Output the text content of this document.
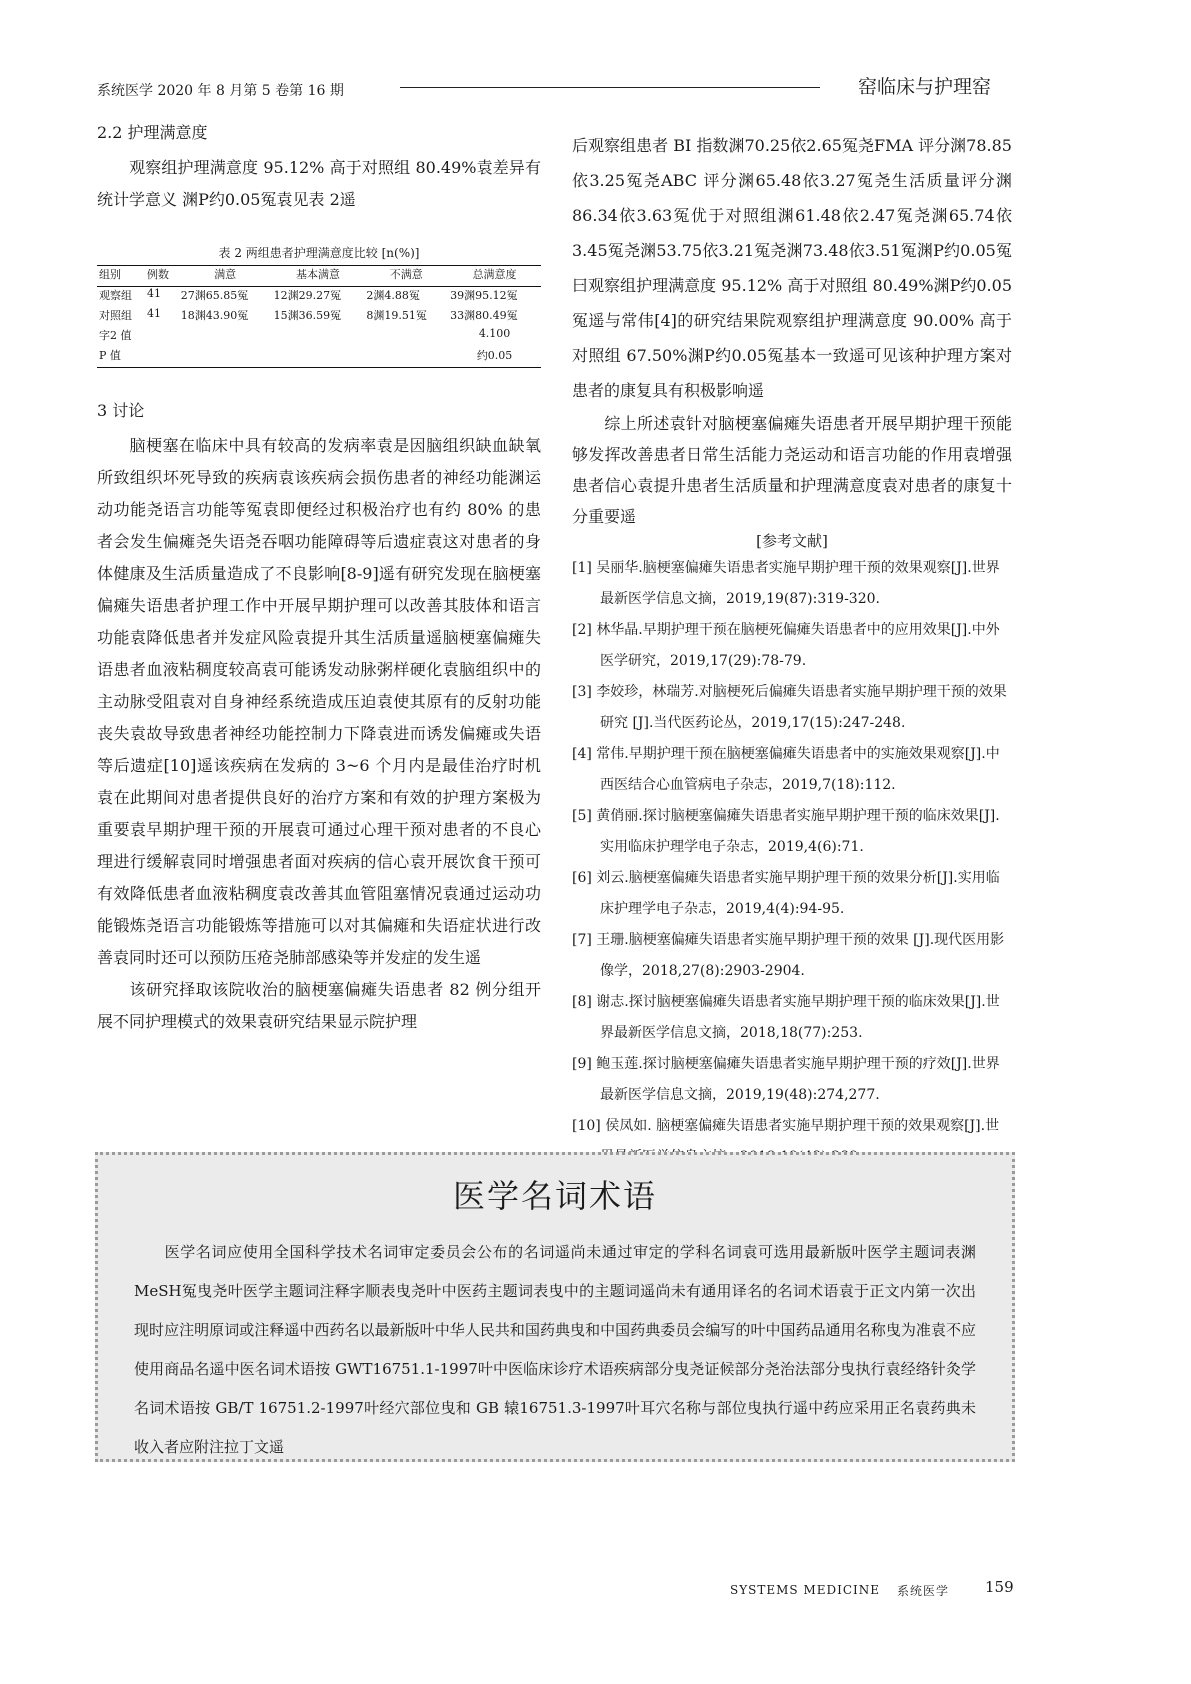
系统医学 2020 年 8 月第 5 卷第 16 期	窑临床与护理窑
2.2 护理满意度
观察组护理满意度 95.12% 高于对照组 80.49%袁差异有统计学意义 渊P约0.05冤袁见表 2遥
表 2 两组患者护理满意度比较 [n(%)]
组别	例数	满意	基本满意	不满意	总满意度
观察组	41	27渊65.85冤	12渊29.27冤	2渊4.88冤	39渊95.12冤
对照组	41	18渊43.90冤	15渊36.59冤	8渊19.51冤	33渊80.49冤
字2 值					4.100
P 值					约0.05
3 讨论
脑梗塞在临床中具有较高的发病率袁是因脑组织缺血缺氧所致组织坏死导致的疾病袁该疾病会损伤患者的神经功能渊运动功能尧语言功能等冤袁即便经过积极治疗也有约 80% 的患者会发生偏瘫尧失语尧吞咽功能障碍等后遗症袁这对患者的身体健康及生活质量造成了不良影响[8-9]遥有研究发现在脑梗塞偏瘫失语患者护理工作中开展早期护理可以改善其肢体和语言功能袁降低患者并发症风险袁提升其生活质量遥脑梗塞偏瘫失语患者血液粘稠度较高袁可能诱发动脉粥样硬化袁脑组织中的主动脉受阻袁对自身神经系统造成压迫袁使其原有的反射功能丧失袁故导致患者神经功能控制力下降袁进而诱发偏瘫或失语等后遗症[10]遥该疾病在发病的 3~6 个月内是最佳治疗时机袁在此期间对患者提供良好的治疗方案和有效的护理方案极为重要袁早期护理干预的开展袁可通过心理干预对患者的不良心理进行缓解袁同时增强患者面对疾病的信心袁开展饮食干预可有效降低患者血液粘稠度袁改善其血管阻塞情况袁通过运动功能锻炼尧语言功能锻炼等措施可以对其偏瘫和失语症状进行改善袁同时还可以预防压疮尧肺部感染等并发症的发生遥
该研究择取该院收治的脑梗塞偏瘫失语患者 82 例分组开展不同护理模式的效果袁研究结果显示院护理
后观察组患者 BI 指数渊70.25依2.65冤尧FMA 评分渊78.85依3.25冤尧ABC 评分渊65.48依3.27冤尧生活质量评分渊86.34依3.63冤优于对照组渊61.48依2.47冤尧渊65.74依3.45冤尧渊53.75依3.21冤尧渊73.48依3.51冤渊P约0.05冤曰观察组护理满意度 95.12% 高于对照组 80.49%渊P约0.05冤遥与常伟[4]的研究结果院观察组护理满意度 90.00% 高于对照组 67.50%渊P约0.05冤基本一致遥可见该种护理方案对患者的康复具有积极影响遥
综上所述袁针对脑梗塞偏瘫失语患者开展早期护理干预能够发挥改善患者日常生活能力尧运动和语言功能的作用袁增强患者信心袁提升患者生活质量和护理满意度袁对患者的康复十分重要遥
[参考文献]
[1] 吴丽华.脑梗塞偏瘫失语患者实施早期护理干预的效果观察[J].世界最新医学信息文摘，2019,19(87):319-320.
[2] 林华晶.早期护理干预在脑梗死偏瘫失语患者中的应用效果[J].中外医学研究，2019,17(29):78-79.
[3] 李姣珍，林瑞芳.对脑梗死后偏瘫失语患者实施早期护理干预的效果研究 [J].当代医药论丛，2019,17(15):247-248.
[4] 常伟.早期护理干预在脑梗塞偏瘫失语患者中的实施效果观察[J].中西医结合心血管病电子杂志，2019,7(18):112.
[5] 黄俏丽.探讨脑梗塞偏瘫失语患者实施早期护理干预的临床效果[J].实用临床护理学电子杂志，2019,4(6):71.
[6] 刘云.脑梗塞偏瘫失语患者实施早期护理干预的效果分析[J].实用临床护理学电子杂志，2019,4(4):94-95.
[7] 王珊.脑梗塞偏瘫失语患者实施早期护理干预的效果 [J].现代医用影像学，2018,27(8):2903-2904.
[8] 谢志.探讨脑梗塞偏瘫失语患者实施早期护理干预的临床效果[J].世界最新医学信息文摘，2018,18(77):253.
[9] 鲍玉莲.探讨脑梗塞偏瘫失语患者实施早期护理干预的疗效[J].世界最新医学信息文摘，2019,19(48):274,277.
[10] 侯凤如. 脑梗塞偏瘫失语患者实施早期护理干预的效果观察[J].世
医学名词术语
医学名词应使用全国科学技术名词审定委员会公布的名词遥尚未通过审定的学科名词袁可选用最新版叶医学主题词表渊MeSH冤曳尧叶医学主题词注释字顺表曳尧叶中医药主题词表曳中的主题词遥尚未有通用译名的名词术语袁于正文内第一次出现时应注明原词或注释遥中西药名以最新版叶中华人民共和国药典曳和中国药典委员会编写的叶中国药品通用名称曳为准袁不应使用商品名遥中医名词术语按 GWT16751.1-1997叶中医临床诊疗术语疾病部分曳尧证候部分尧治法部分曳执行袁经络针灸学名词术语按 GB/T 16751.2-1997叶经穴部位曳和 GB 辕16751.3-1997叶耳穴名称与部位曳执行遥中药应采用正名袁药典未收入者应附注拉丁文遥
SYSTEMS MEDICINE 系统医学 159
